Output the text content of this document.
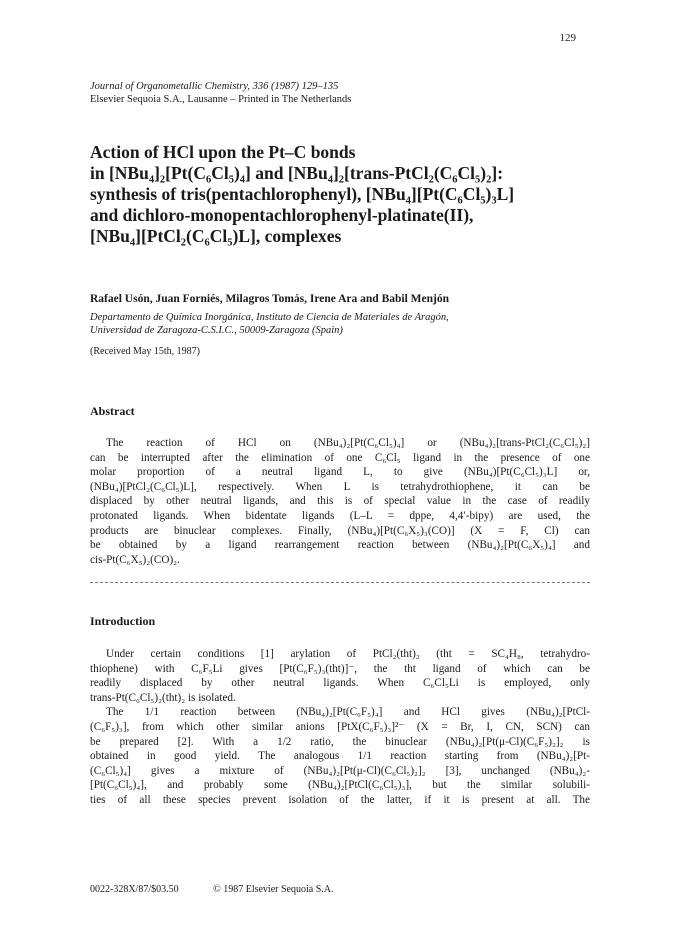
129
Journal of Organometallic Chemistry, 336 (1987) 129–135
Elsevier Sequoia S.A., Lausanne – Printed in The Netherlands
Action of HCl upon the Pt–C bonds
in [NBu₄]₂[Pt(C₆Cl₅)₄] and [NBu₄]₂[trans-PtCl₂(C₆Cl₅)₂]:
synthesis of tris(pentachlorophenyl), [NBu₄][Pt(C₆Cl₅)₃L]
and dichloro-monopentachlorophenyl-platinate(II),
[NBu₄][PtCl₂(C₆Cl₅)L], complexes
Rafael Usón, Juan Forniés, Milagros Tomás, Irene Ara and Babil Menjón
Departamento de Química Inorgánica, Instituto de Ciencia de Materiales de Aragón,
Universidad de Zaragoza-C.S.I.C., 50009-Zaragoza (Spain)
(Received May 15th, 1987)
Abstract
The reaction of HCl on (NBu₄)₂[Pt(C₆Cl₅)₄] or (NBu₄)₂[trans-PtCl₂(C₆Cl₅)₂]
can be interrupted after the elimination of one C₆Cl₅ ligand in the presence of one
molar proportion of a neutral ligand L, to give (NBu₄)[Pt(C₆Cl₅)₃L] or,
(NBu₄)[PtCl₂(C₆Cl₅)L], respectively. When L is tetrahydrothiophene, it can be
displaced by other neutral ligands, and this is of special value in the case of readily
protonated ligands. When bidentate ligands (L–L = dppe, 4,4′-bipy) are used, the
products are binuclear complexes. Finally, (NBu₄)[Pt(C₆X₅)₃(CO)] (X = F, Cl) can
be obtained by a ligand rearrangement reaction between (NBu₄)₂[Pt(C₆X₅)₄] and
cis-Pt(C₆X₅)₂(CO)₂.
Introduction
Under certain conditions [1] arylation of PtCl₂(tht)₂ (tht = SC₄H₈, tetrahydro-
thiophene) with C₆F₅Li gives [Pt(C₆F₅)₃(tht)]⁻, the tht ligand of which can be
readily displaced by other neutral ligands. When C₆Cl₅Li is employed, only
trans-Pt(C₆Cl₅)₂(tht)₂ is isolated.
The 1/1 reaction between (NBu₄)₂[Pt(C₆F₅)₄] and HCl gives (NBu₄)₂[PtCl-
(C₆F₅)₃], from which other similar anions [PtX(C₆F₅)₃]²⁻ (X = Br, I, CN, SCN) can
be prepared [2]. With a 1/2 ratio, the binuclear (NBu₄)₂[Pt(μ-Cl)(C₆F₅)₂]₂ is
obtained in good yield. The analogous 1/1 reaction starting from (NBu₄)₂[Pt-
(C₆Cl₅)₄] gives a mixture of (NBu₄)₂[Pt(μ-Cl)(C₆Cl₅)₂]₂ [3], unchanged (NBu₄)₂-
[Pt(C₆Cl₅)₄], and probably some (NBu₄)₂[PtCl(C₆Cl₅)₃], but the similar solubili-
ties of all these species prevent isolation of the latter, if it is present at all. The
0022-328X/87/$03.50	© 1987 Elsevier Sequoia S.A.
